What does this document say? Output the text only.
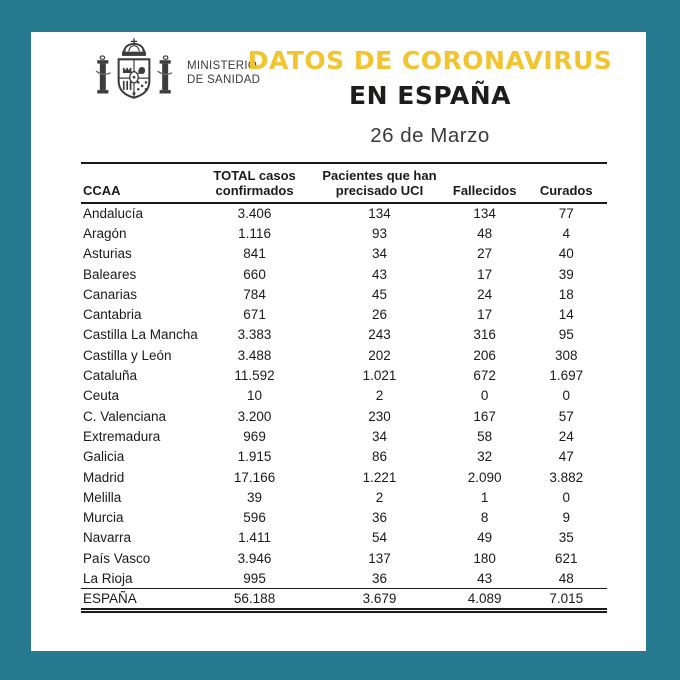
MINISTERIO
DE SANIDAD
DATOS DE CORONAVIRUS
EN ESPAÑA
26 de Marzo
CCAA	TOTAL casos confirmados	Pacientes que han precisado UCI	Fallecidos	Curados
Andalucía	3.406	134	134	77
Aragón	1.116	93	48	4
Asturias	841	34	27	40
Baleares	660	43	17	39
Canarias	784	45	24	18
Cantabria	671	26	17	14
Castilla La Mancha	3.383	243	316	95
Castilla y León	3.488	202	206	308
Cataluña	11.592	1.021	672	1.697
Ceuta	10	2	0	0
C. Valenciana	3.200	230	167	57
Extremadura	969	34	58	24
Galicia	1.915	86	32	47
Madrid	17.166	1.221	2.090	3.882
Melilla	39	2	1	0
Murcia	596	36	8	9
Navarra	1.411	54	49	35
País Vasco	3.946	137	180	621
La Rioja	995	36	43	48
ESPAÑA	56.188	3.679	4.089	7.015
